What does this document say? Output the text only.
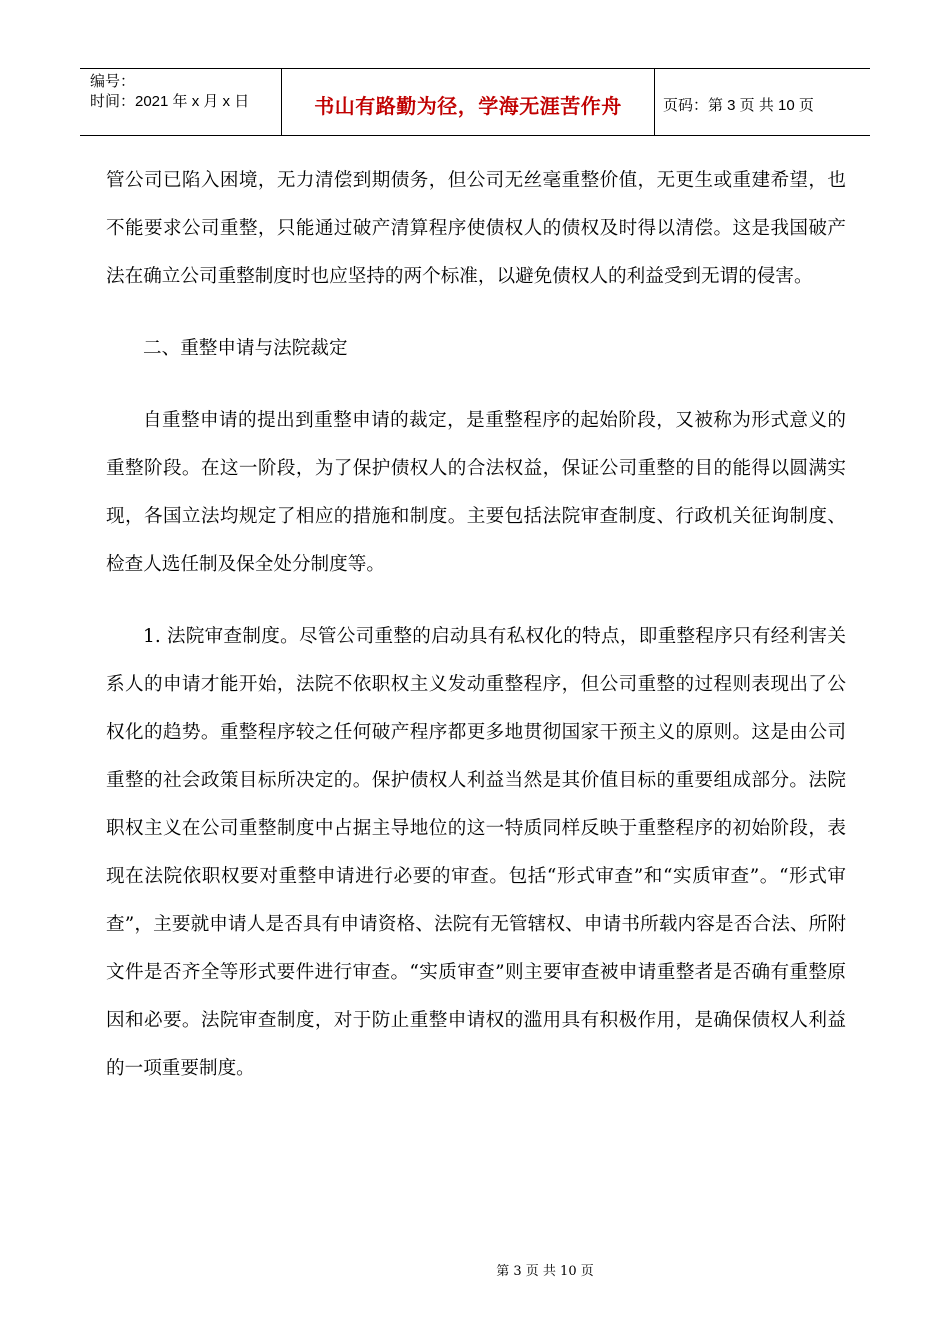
编号：
时间：2021 年 x 月 x 日	书山有路勤为径，学海无涯苦作舟	页码：第 3 页 共 10 页

管公司已陷入困境，无力清偿到期债务，但公司无丝毫重整价值，无更生或重建希望，也不能要求公司重整，只能通过破产清算程序使债权人的债权及时得以清偿。这是我国破产法在确立公司重整制度时也应坚持的两个标准，以避免债权人的利益受到无谓的侵害。

二、重整申请与法院裁定

自重整申请的提出到重整申请的裁定，是重整程序的起始阶段，又被称为形式意义的重整阶段。在这一阶段，为了保护债权人的合法权益，保证公司重整的目的能得以圆满实现，各国立法均规定了相应的措施和制度。主要包括法院审查制度、行政机关征询制度、检查人选任制及保全处分制度等。

1. 法院审查制度。尽管公司重整的启动具有私权化的特点，即重整程序只有经利害关系人的申请才能开始，法院不依职权主义发动重整程序，但公司重整的过程则表现出了公权化的趋势。重整程序较之任何破产程序都更多地贯彻国家干预主义的原则。这是由公司重整的社会政策目标所决定的。保护债权人利益当然是其价值目标的重要组成部分。法院职权主义在公司重整制度中占据主导地位的这一特质同样反映于重整程序的初始阶段，表现在法院依职权要对重整申请进行必要的审查。包括“形式审查”和“实质审查”。“形式审查”，主要就申请人是否具有申请资格、法院有无管辖权、申请书所载内容是否合法、所附文件是否齐全等形式要件进行审查。“实质审查”则主要审查被申请重整者是否确有重整原因和必要。法院审查制度，对于防止重整申请权的滥用具有积极作用，是确保债权人利益的一项重要制度。

第 3 页 共 10 页
